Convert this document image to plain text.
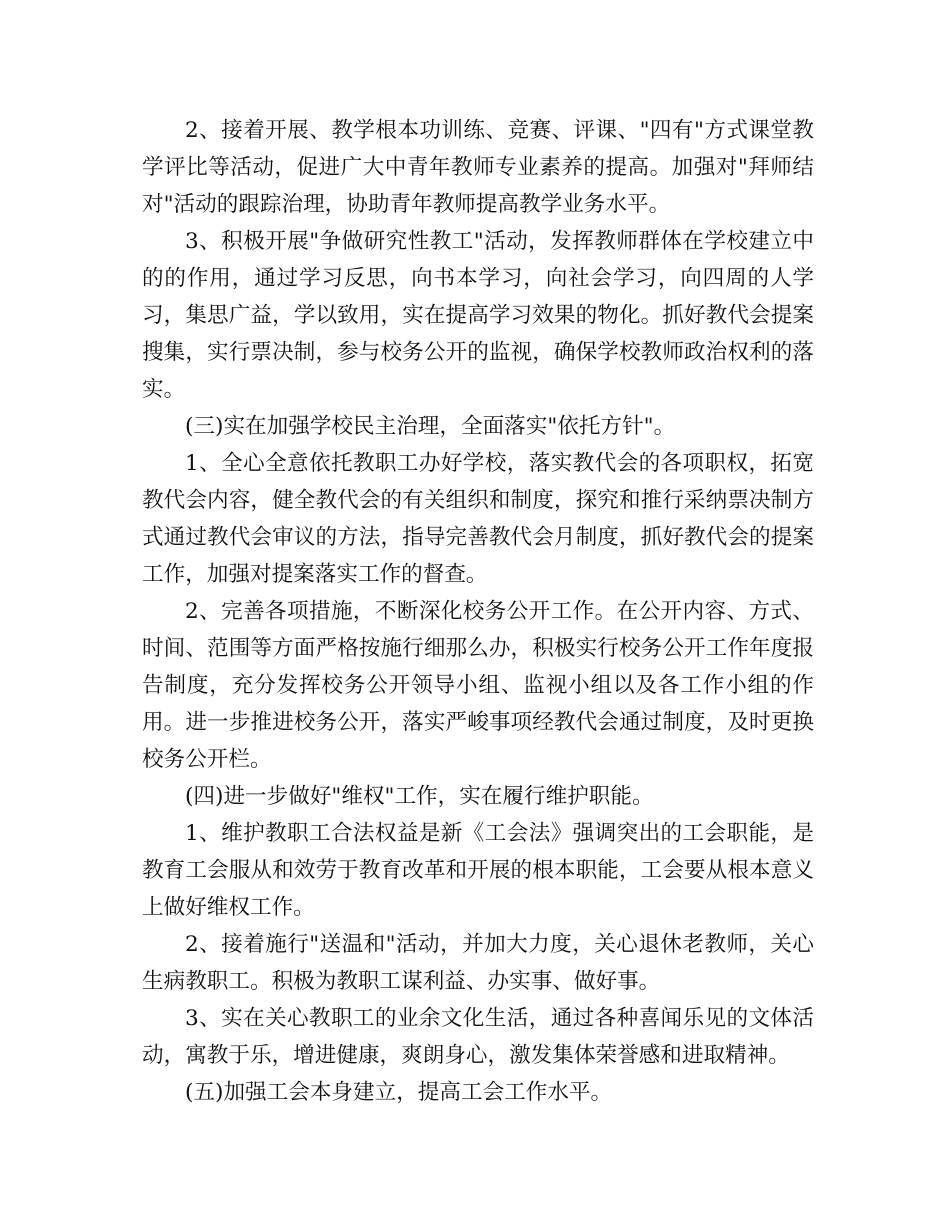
2、接着开展、教学根本功训练、竞赛、评课、"四有"方式课堂教学评比等活动，促进广大中青年教师专业素养的提高。加强对"拜师结对"活动的跟踪治理，协助青年教师提高教学业务水平。

3、积极开展"争做研究性教工"活动，发挥教师群体在学校建立中的的作用，通过学习反思，向书本学习，向社会学习，向四周的人学习，集思广益，学以致用，实在提高学习效果的物化。抓好教代会提案搜集，实行票决制，参与校务公开的监视，确保学校教师政治权利的落实。

(三)实在加强学校民主治理，全面落实"依托方针"。

1、全心全意依托教职工办好学校，落实教代会的各项职权，拓宽教代会内容，健全教代会的有关组织和制度，探究和推行采纳票决制方式通过教代会审议的方法，指导完善教代会月制度，抓好教代会的提案工作，加强对提案落实工作的督查。

2、完善各项措施，不断深化校务公开工作。在公开内容、方式、时间、范围等方面严格按施行细那么办，积极实行校务公开工作年度报告制度，充分发挥校务公开领导小组、监视小组以及各工作小组的作用。进一步推进校务公开，落实严峻事项经教代会通过制度，及时更换校务公开栏。

(四)进一步做好"维权"工作，实在履行维护职能。

1、维护教职工合法权益是新《工会法》强调突出的工会职能，是教育工会服从和效劳于教育改革和开展的根本职能，工会要从根本意义上做好维权工作。

2、接着施行"送温和"活动，并加大力度，关心退休老教师，关心生病教职工。积极为教职工谋利益、办实事、做好事。

3、实在关心教职工的业余文化生活，通过各种喜闻乐见的文体活动，寓教于乐，增进健康，爽朗身心，激发集体荣誉感和进取精神。

(五)加强工会本身建立，提高工会工作水平。
